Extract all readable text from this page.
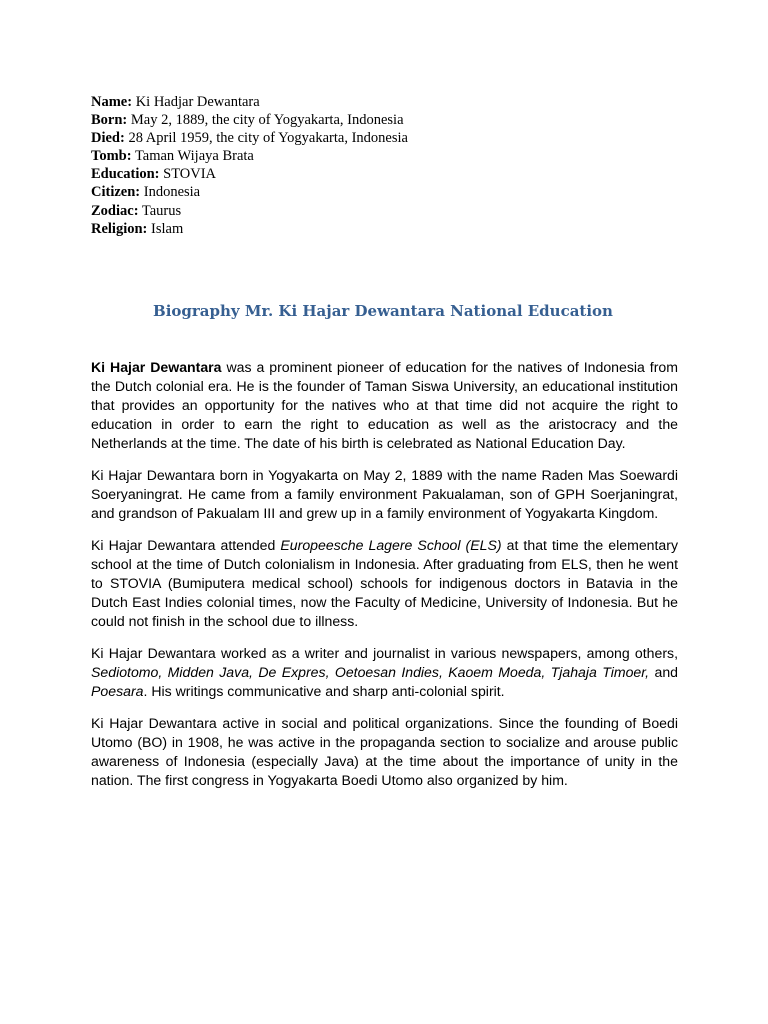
Name: Ki Hadjar Dewantara
Born: May 2, 1889, the city of Yogyakarta, Indonesia
Died: 28 April 1959, the city of Yogyakarta, Indonesia
Tomb: Taman Wijaya Brata
Education: STOVIA
Citizen: Indonesia
Zodiac: Taurus
Religion: Islam
Biography Mr. Ki Hajar Dewantara National Education

Ki Hajar Dewantara was a prominent pioneer of education for the natives of Indonesia from the Dutch colonial era. He is the founder of Taman Siswa University, an educational institution that provides an opportunity for the natives who at that time did not acquire the right to education in order to earn the right to education as well as the aristocracy and the Netherlands at the time. The date of his birth is celebrated as National Education Day.

Ki Hajar Dewantara born in Yogyakarta on May 2, 1889 with the name Raden Mas Soewardi Soeryaningrat. He came from a family environment Pakualaman, son of GPH Soerjaningrat, and grandson of Pakualam III and grew up in a family environment of Yogyakarta Kingdom.

Ki Hajar Dewantara attended Europeesche Lagere School (ELS) at that time the elementary school at the time of Dutch colonialism in Indonesia. After graduating from ELS, then he went to STOVIA (Bumiputera medical school) schools for indigenous doctors in Batavia in the Dutch East Indies colonial times, now the Faculty of Medicine, University of Indonesia. But he could not finish in the school due to illness.

Ki Hajar Dewantara worked as a writer and journalist in various newspapers, among others, Sediotomo, Midden Java, De Expres, Oetoesan Indies, Kaoem Moeda, Tjahaja Timoer, and Poesara. His writings communicative and sharp anti-colonial spirit.

Ki Hajar Dewantara active in social and political organizations. Since the founding of Boedi Utomo (BO) in 1908, he was active in the propaganda section to socialize and arouse public awareness of Indonesia (especially Java) at the time about the importance of unity in the nation. The first congress in Yogyakarta Boedi Utomo also organized by him.
